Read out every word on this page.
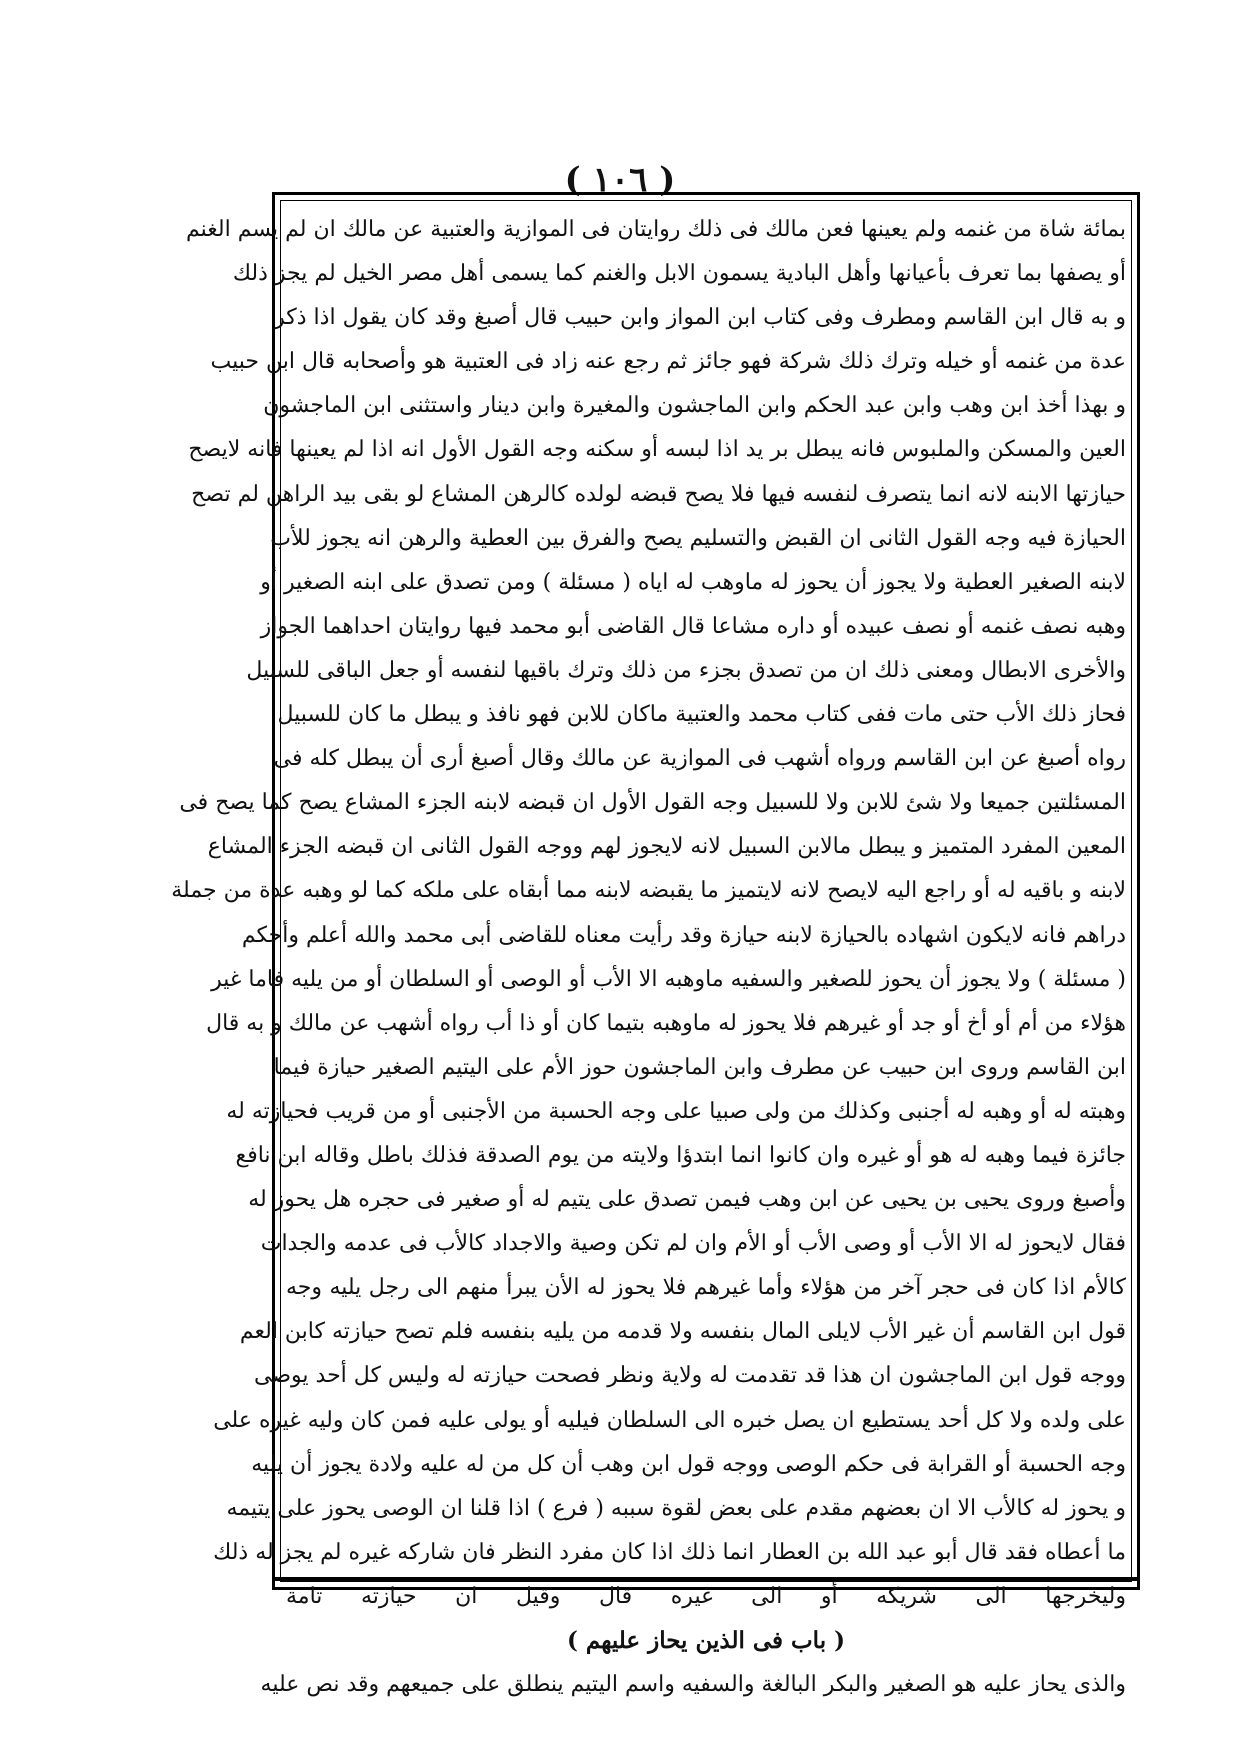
( ١٠٦ )
بمائة شاة من غنمه ولم يعينها فعن مالك فى ذلك روايتان فى الموازية والعتبية عن مالك ان لم يسم الغنم
أو يصفها بما تعرف بأعيانها وأهل البادية يسمون الابل والغنم كما يسمى أهل مصر الخيل لم يجز ذلك
و به قال ابن القاسم ومطرف وفى كتاب ابن المواز وابن حبيب قال أصبغ وقد كان يقول اذا ذكر
عدة من غنمه أو خيله وترك ذلك شركة فهو جائز ثم رجع عنه زاد فى العتبية هو وأصحابه قال ابن حبيب
و بهذا أخذ ابن وهب وابن عبد الحكم وابن الماجشون والمغيرة وابن دينار واستثنى ابن الماجشون
العين والمسكن والملبوس فانه يبطل بر يد اذا لبسه أو سكنه وجه القول الأول انه اذا لم يعينها فانه لايصح
حيازتها الابنه لانه انما يتصرف لنفسه فيها فلا يصح قبضه لولده كالرهن المشاع لو بقى بيد الراهن لم تصح
الحيازة فيه وجه القول الثانى ان القبض والتسليم يصح والفرق بين العطية والرهن انه يجوز للأب
لابنه الصغير العطية ولا يجوز أن يحوز له ماوهب له اياه ( مسئلة ) ومن تصدق على ابنه الصغير أو
وهبه نصف غنمه أو نصف عبيده أو داره مشاعا قال القاضى أبو محمد فيها روايتان احداهما الجواز
والأخرى الابطال ومعنى ذلك ان من تصدق بجزء من ذلك وترك باقيها لنفسه أو جعل الباقى للسبيل
فحاز ذلك الأب حتى مات ففى كتاب محمد والعتبية ماكان للابن فهو نافذ و يبطل ما كان للسبيل
رواه أصبغ عن ابن القاسم ورواه أشهب فى الموازية عن مالك وقال أصبغ أرى أن يبطل كله فى
المسئلتين جميعا ولا شئ للابن ولا للسبيل وجه القول الأول ان قبضه لابنه الجزء المشاع يصح كما يصح فى
المعين المفرد المتميز و يبطل مالابن السبيل لانه لايجوز لهم ووجه القول الثانى ان قبضه الجزء المشاع
لابنه و باقيه له أو راجع اليه لايصح لانه لايتميز ما يقبضه لابنه مما أبقاه على ملكه كما لو وهبه عدة من جملة
دراهم فانه لايكون اشهاده بالحيازة لابنه حيازة وقد رأيت معناه للقاضى أبى محمد والله أعلم وأحكم
( مسئلة ) ولا يجوز أن يحوز للصغير والسفيه ماوهبه الا الأب أو الوصى أو السلطان أو من يليه فاما غير
هؤلاء من أم أو أخ أو جد أو غيرهم فلا يحوز له ماوهبه بتيما كان أو ذا أب رواه أشهب عن مالك و به قال
ابن القاسم وروى ابن حبيب عن مطرف وابن الماجشون حوز الأم على اليتيم الصغير حيازة فيما
وهبته له أو وهبه له أجنبى وكذلك من ولى صبيا على وجه الحسبة من الأجنبى أو من قريب فحيازته له
جائزة فيما وهبه له هو أو غيره وان كانوا انما ابتدؤا ولايته من يوم الصدقة فذلك باطل وقاله ابن نافع
وأصبغ وروى يحيى بن يحيى عن ابن وهب فيمن تصدق على يتيم له أو صغير فى حجره هل يحوز له
فقال لايحوز له الا الأب أو وصى الأب أو الأم وان لم تكن وصية والاجداد كالأب فى عدمه والجدات
كالأم اذا كان فى حجر آخر من هؤلاء وأما غيرهم فلا يحوز له الأن يبرأ منهم الى رجل يليه وجه
قول ابن القاسم أن غير الأب لايلى المال بنفسه ولا قدمه من يليه بنفسه فلم تصح حيازته كابن العم
ووجه قول ابن الماجشون ان هذا قد تقدمت له ولاية ونظر فصحت حيازته له وليس كل أحد يوصى
على ولده ولا كل أحد يستطيع ان يصل خبره الى السلطان فيليه أو يولى عليه فمن كان وليه غيره على
وجه الحسبة أو القرابة فى حكم الوصى ووجه قول ابن وهب أن كل من له عليه ولادة يجوز أن يليه
و يحوز له كالأب الا ان بعضهم مقدم على بعض لقوة سببه ( فرع ) اذا قلنا ان الوصى يحوز على يتيمه
ما أعطاه فقد قال أبو عبد الله بن العطار انما ذلك اذا كان مفرد النظر فان شاركه غيره لم يجز له ذلك
وليخرجها الى شريكه أو الى غيره قال وقيل ان حيازته تامة
( باب فى الذين يحاز عليهم )
والذى يحاز عليه هو الصغير والبكر البالغة والسفيه واسم اليتيم ينطلق على جميعهم وقد نص عليه
